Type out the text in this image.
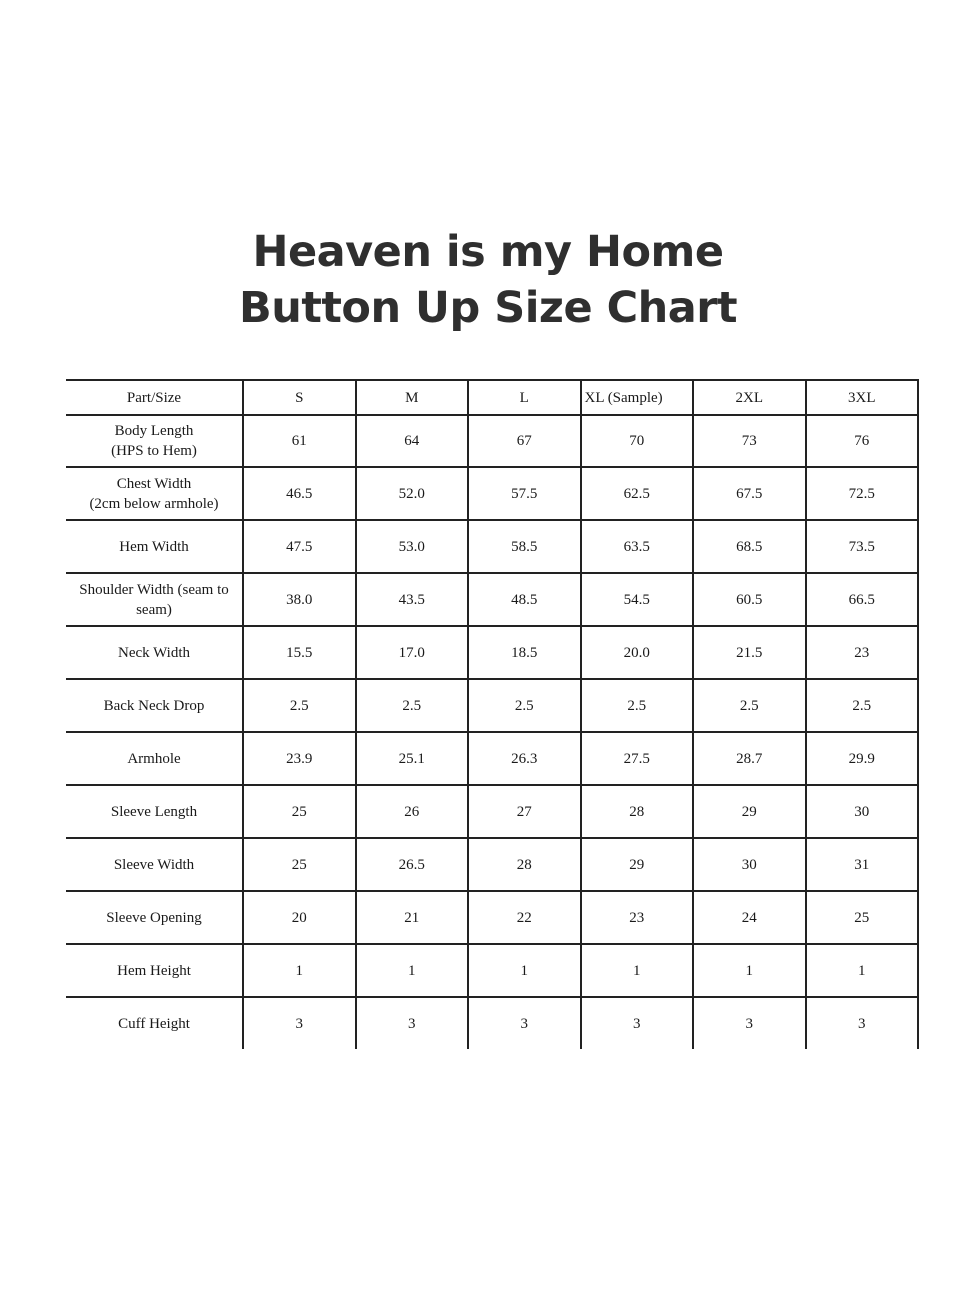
Heaven is my Home
Button Up Size Chart
Part/Size	S	M	L	XL (Sample)	2XL	3XL
Body Length
(HPS to Hem)	61	64	67	70	73	76
Chest Width
(2cm below armhole)	46.5	52.0	57.5	62.5	67.5	72.5
Hem Width	47.5	53.0	58.5	63.5	68.5	73.5
Shoulder Width (seam to
seam)	38.0	43.5	48.5	54.5	60.5	66.5
Neck Width	15.5	17.0	18.5	20.0	21.5	23
Back Neck Drop	2.5	2.5	2.5	2.5	2.5	2.5
Armhole	23.9	25.1	26.3	27.5	28.7	29.9
Sleeve Length	25	26	27	28	29	30
Sleeve Width	25	26.5	28	29	30	31
Sleeve Opening	20	21	22	23	24	25
Hem Height	1	1	1	1	1	1
Cuff Height	3	3	3	3	3	3
